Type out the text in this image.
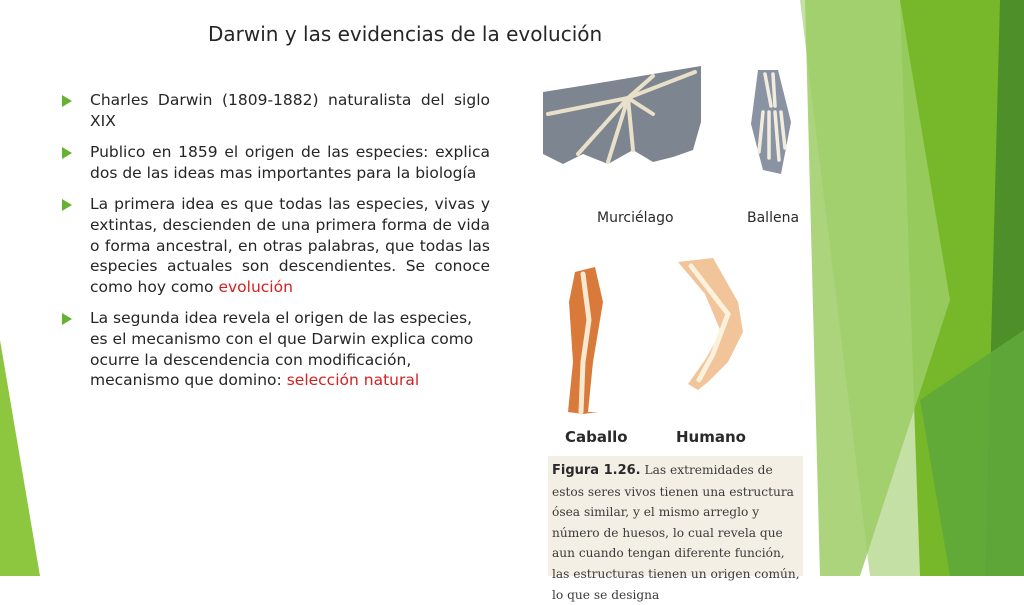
Darwin y las evidencias de la evolución
Charles Darwin (1809-1882) naturalista del siglo XIX
Publico en 1859 el origen de las especies: explica dos de las ideas mas importantes para la biología
La primera idea es que todas las especies, vivas y extintas, descienden de una primera forma de vida o forma ancestral, en otras palabras, que todas las especies actuales son descendientes. Se conoce como hoy como evolución
La segunda idea revela el origen de las especies, es el mecanismo con el que Darwin explica como ocurre la descendencia con modificación, mecanismo que domino: selección natural
Murciélago	Ballena
Caballo	Humano
Figura 1.26. Las extremidades de estos seres vivos tienen una estructura ósea similar, y el mismo arreglo y número de huesos, lo cual revela que aun cuando tengan diferente función, las estructuras tienen un origen común, lo que se designa
